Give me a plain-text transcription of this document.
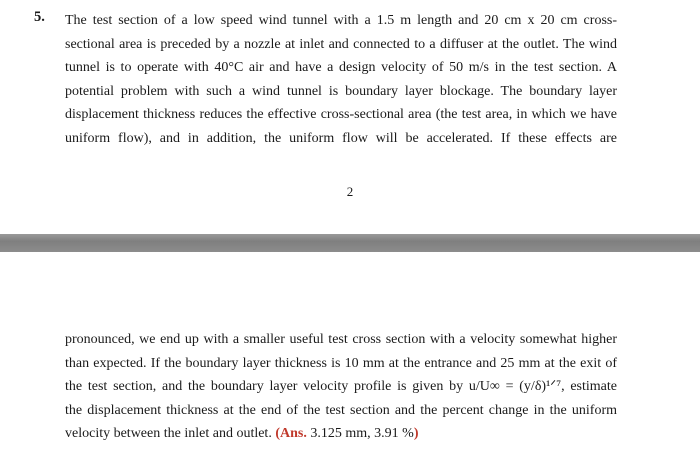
5. The test section of a low speed wind tunnel with a 1.5 m length and 20 cm x 20 cm cross-
sectional area is preceded by a nozzle at inlet and connected to a diffuser at the outlet. The wind
tunnel is to operate with 40°C air and have a design velocity of 50 m/s in the test section. A
potential problem with such a wind tunnel is boundary layer blockage. The boundary layer
displacement thickness reduces the effective cross-sectional area (the test area, in which we have
uniform flow), and in addition, the uniform flow will be accelerated. If these effects are
2
pronounced, we end up with a smaller useful test cross section with a velocity somewhat higher
than expected. If the boundary layer thickness is 10 mm at the entrance and 25 mm at the exit of
the test section, and the boundary layer velocity profile is given by u/U∞ = (y/δ)¹ᐟ⁷, estimate
the displacement thickness at the end of the test section and the percent change in the uniform
velocity between the inlet and outlet. (Ans. 3.125 mm, 3.91 %)
